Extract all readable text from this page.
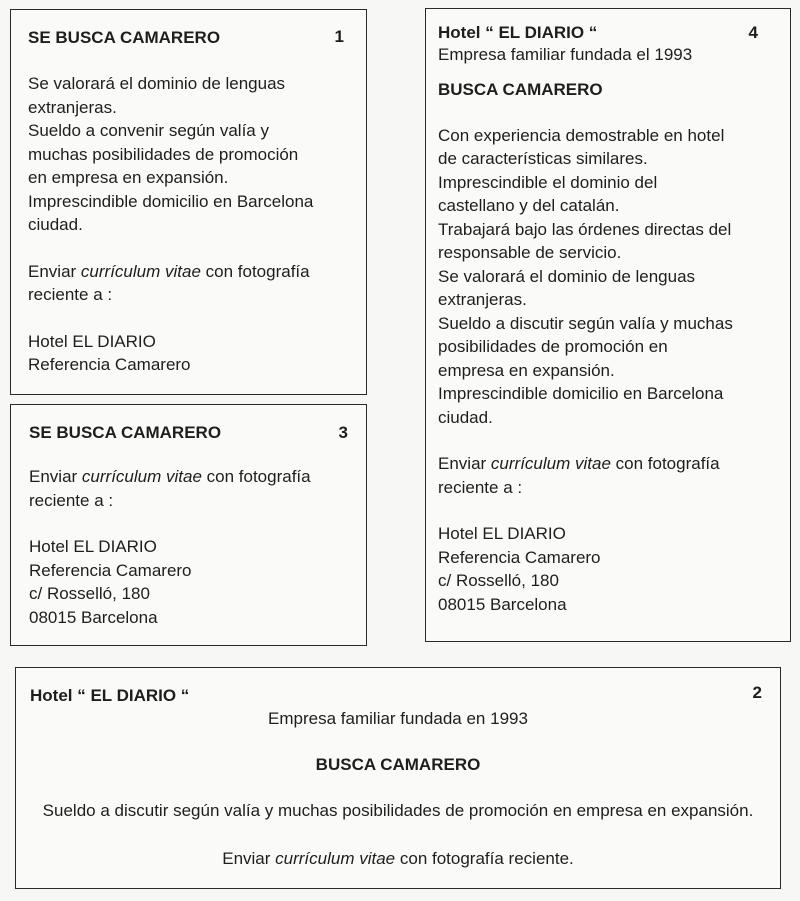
1
SE BUSCA CAMARERO
Se valorará el dominio de lenguas
extranjeras.
Sueldo a convenir según valía y
muchas posibilidades de promoción
en empresa en expansión.
Imprescindible domicilio en Barcelona
ciudad.
Enviar currículum vitae con fotografía
reciente a :
Hotel EL DIARIO
Referencia Camarero
3
SE BUSCA CAMARERO
Enviar currículum vitae con fotografía
reciente a :
Hotel EL DIARIO
Referencia Camarero
c/ Rosselló, 180
08015 Barcelona
4
Hotel “ EL DIARIO “
Empresa familiar fundada el 1993
BUSCA CAMARERO
Con experiencia demostrable en hotel
de características similares.
Imprescindible el dominio del
castellano y del catalán.
Trabajará bajo las órdenes directas del
responsable de servicio.
Se valorará el dominio de lenguas
extranjeras.
Sueldo a discutir según valía y muchas
posibilidades de promoción en
empresa en expansión.
Imprescindible domicilio en Barcelona
ciudad.
Enviar currículum vitae con fotografía
reciente a :
Hotel EL DIARIO
Referencia Camarero
c/ Rosselló, 180
08015 Barcelona
Hotel “ EL DIARIO “	2
Empresa familiar fundada en 1993
BUSCA CAMARERO
Sueldo a discutir según valía y muchas posibilidades de promoción en empresa en expansión.
Enviar currículum vitae con fotografía reciente.
